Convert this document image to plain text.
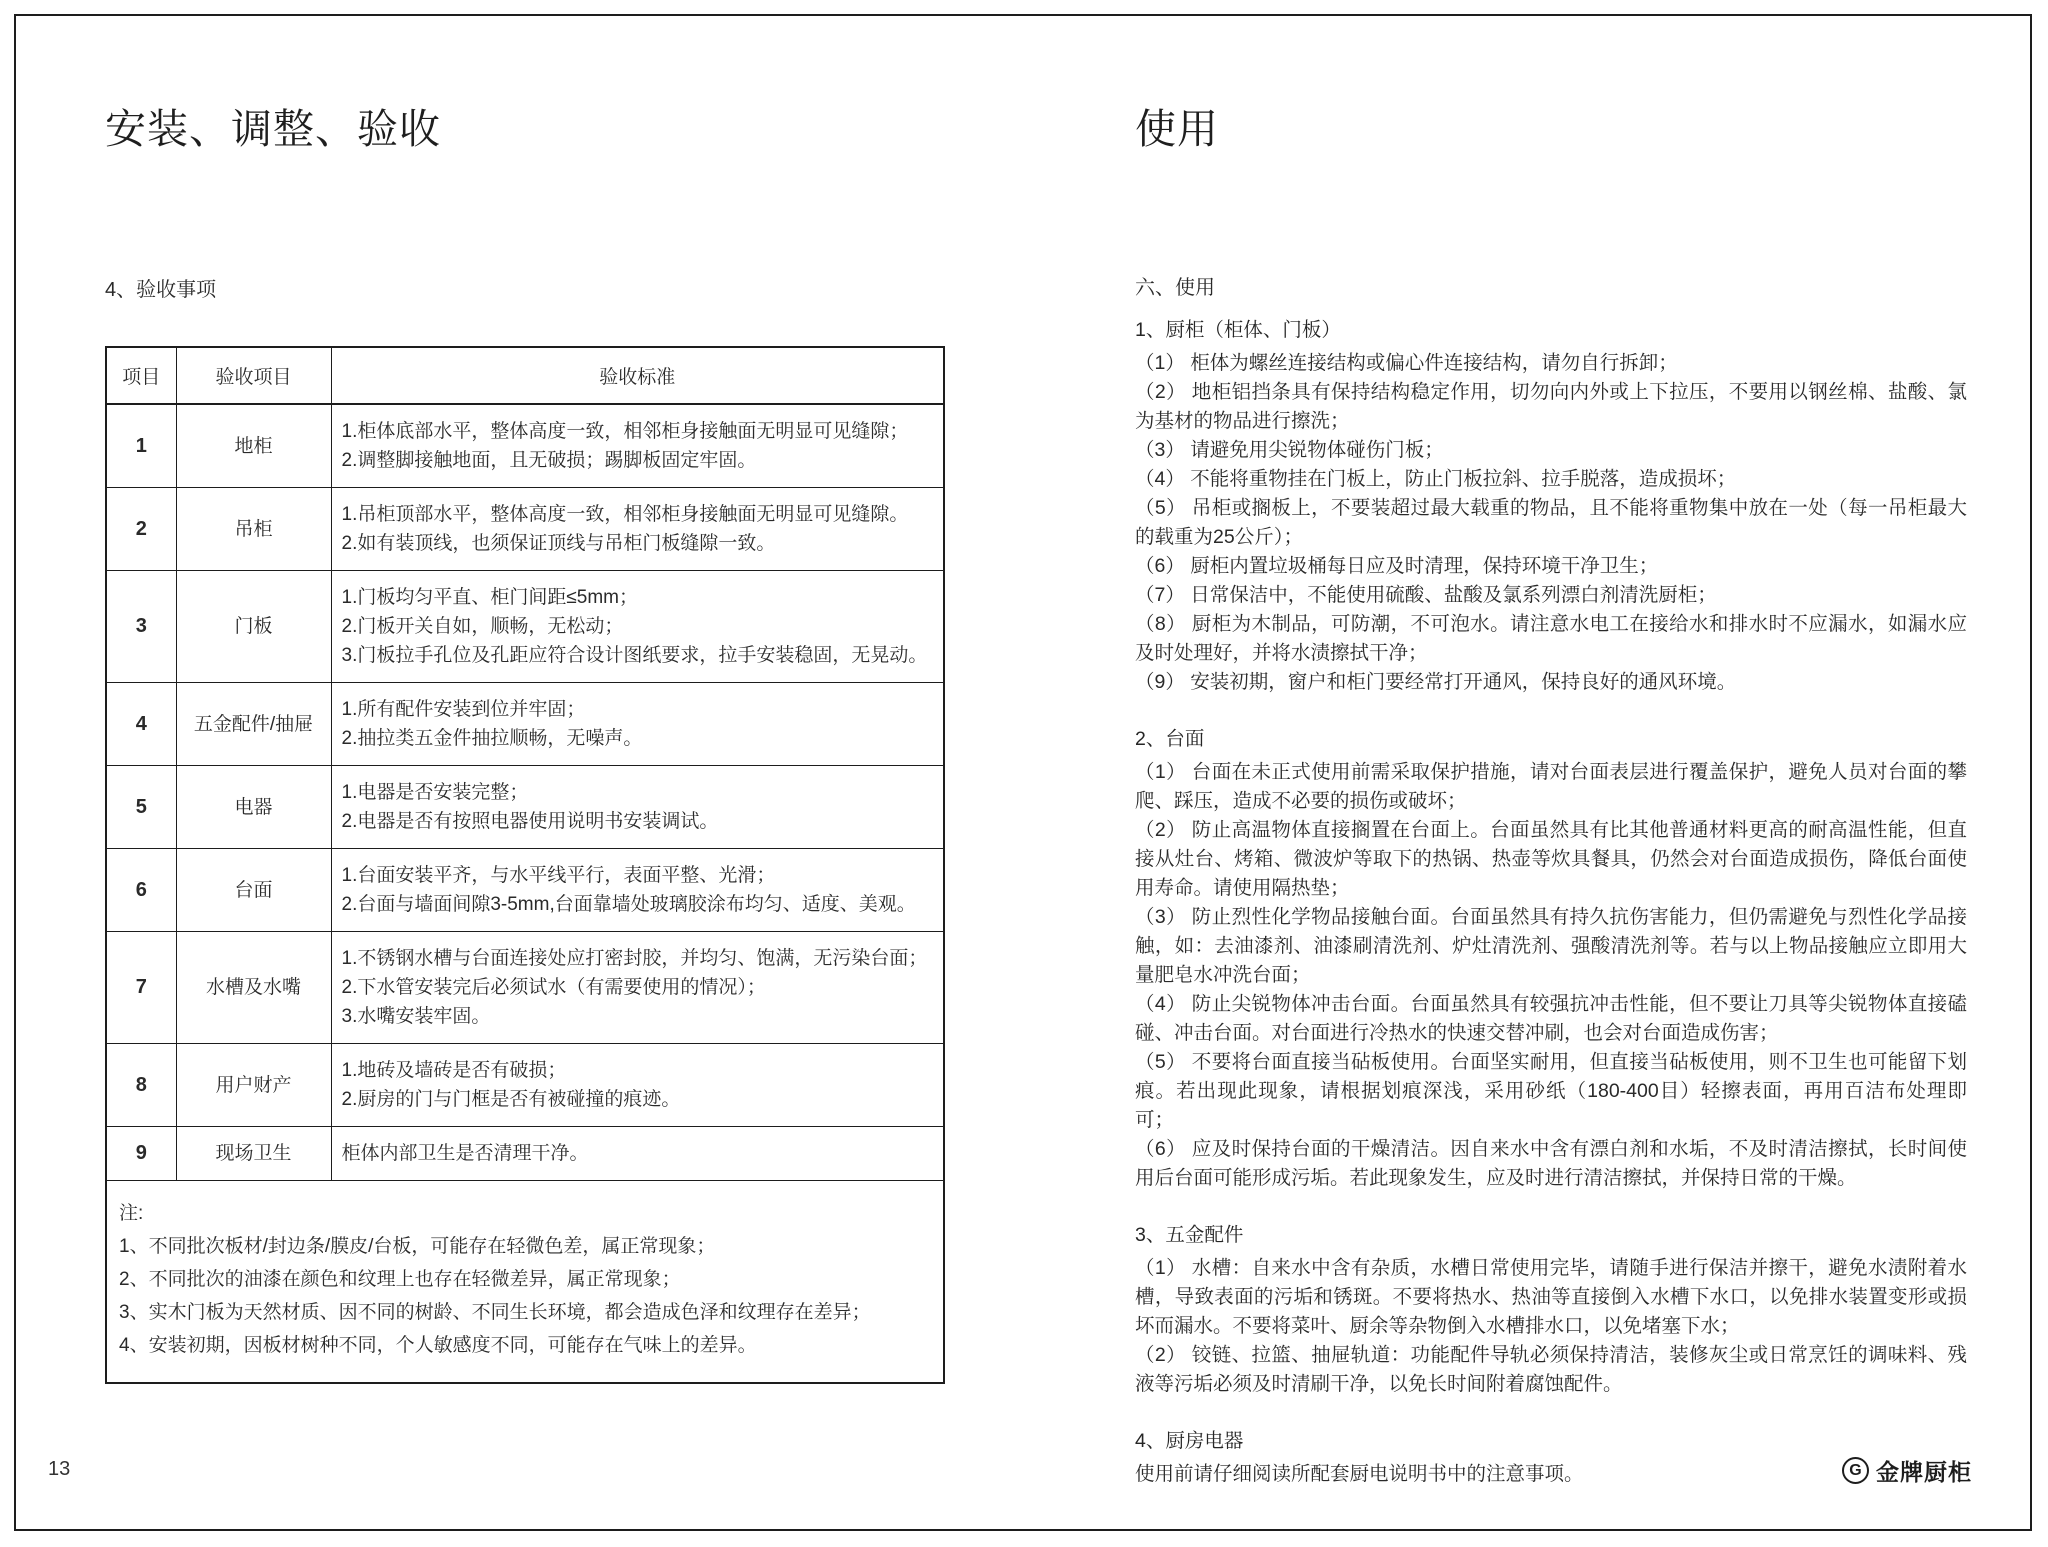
安装、调整、验收
4、验收事项
项目	验收项目	验收标准
1	地柜	1.柜体底部水平，整体高度一致，相邻柜身接触面无明显可见缝隙；
2.调整脚接触地面，且无破损；踢脚板固定牢固。

2	吊柜	1.吊柜顶部水平，整体高度一致，相邻柜身接触面无明显可见缝隙。
2.如有装顶线，也须保证顶线与吊柜门板缝隙一致。

3	门板	1.门板均匀平直、柜门间距≤5mm；
2.门板开关自如，顺畅，无松动；
3.门板拉手孔位及孔距应符合设计图纸要求，拉手安装稳固，无晃动。

4	五金配件/抽屉	1.所有配件安装到位并牢固；
2.抽拉类五金件抽拉顺畅，无噪声。

5	电器	1.电器是否安装完整；
2.电器是否有按照电器使用说明书安装调试。

6	台面	1.台面安装平齐，与水平线平行，表面平整、光滑；
2.台面与墙面间隙3-5mm,台面靠墙处玻璃胶涂布均匀、适度、美观。

7	水槽及水嘴	1.不锈钢水槽与台面连接处应打密封胶，并均匀、饱满，无污染台面；
2.下水管安装完后必须试水（有需要使用的情况）；
3.水嘴安装牢固。

8	用户财产	1.地砖及墙砖是否有破损；
2.厨房的门与门框是否有被碰撞的痕迹。

9	现场卫生	柜体内部卫生是否清理干净。

注:
1、不同批次板材/封边条/膜皮/台板，可能存在轻微色差，属正常现象；
2、不同批次的油漆在颜色和纹理上也存在轻微差异，属正常现象；
3、实木门板为天然材质、因不同的树龄、不同生长环境，都会造成色泽和纹理存在差异；
4、安装初期，因板材树种不同，个人敏感度不同，可能存在气味上的差异。		
使用
六、使用
1、厨柜（柜体、门板）

（1） 柜体为螺丝连接结构或偏心件连接结构，请勿自行拆卸；

（2） 地柜铝挡条具有保持结构稳定作用，切勿向内外或上下拉压，不要用以钢丝棉、盐酸、氯为基材的物品进行擦洗；

（3） 请避免用尖锐物体碰伤门板；

（4） 不能将重物挂在门板上，防止门板拉斜、拉手脱落，造成损坏；

（5） 吊柜或搁板上，不要装超过最大载重的物品，且不能将重物集中放在一处（每一吊柜最大的载重为25公斤）；

（6） 厨柜内置垃圾桶每日应及时清理，保持环境干净卫生；

（7） 日常保洁中，不能使用硫酸、盐酸及氯系列漂白剂清洗厨柜；

（8） 厨柜为木制品，可防潮，不可泡水。请注意水电工在接给水和排水时不应漏水，如漏水应及时处理好，并将水渍擦拭干净；

（9） 安装初期，窗户和柜门要经常打开通风，保持良好的通风环境。

2、台面

（1） 台面在未正式使用前需采取保护措施，请对台面表层进行覆盖保护，避免人员对台面的攀爬、踩压，造成不必要的损伤或破坏；

（2） 防止高温物体直接搁置在台面上。台面虽然具有比其他普通材料更高的耐高温性能，但直接从灶台、烤箱、微波炉等取下的热锅、热壶等炊具餐具，仍然会对台面造成损伤，降低台面使用寿命。请使用隔热垫；

（3） 防止烈性化学物品接触台面。台面虽然具有持久抗伤害能力，但仍需避免与烈性化学品接触，如：去油漆剂、油漆刷清洗剂、炉灶清洗剂、强酸清洗剂等。若与以上物品接触应立即用大量肥皂水冲洗台面；

（4） 防止尖锐物体冲击台面。台面虽然具有较强抗冲击性能，但不要让刀具等尖锐物体直接磕碰、冲击台面。对台面进行冷热水的快速交替冲刷，也会对台面造成伤害；

（5） 不要将台面直接当砧板使用。台面坚实耐用，但直接当砧板使用，则不卫生也可能留下划痕。若出现此现象，请根据划痕深浅，采用砂纸（180-400目）轻擦表面，再用百洁布处理即可；

（6） 应及时保持台面的干燥清洁。因自来水中含有漂白剂和水垢，不及时清洁擦拭，长时间使用后台面可能形成污垢。若此现象发生，应及时进行清洁擦拭，并保持日常的干燥。

3、五金配件

（1） 水槽：自来水中含有杂质，水槽日常使用完毕，请随手进行保洁并擦干，避免水渍附着水槽，导致表面的污垢和锈斑。不要将热水、热油等直接倒入水槽下水口，以免排水装置变形或损坏而漏水。不要将菜叶、厨余等杂物倒入水槽排水口，以免堵塞下水；

（2） 铰链、拉篮、抽屉轨道：功能配件导轨必须保持清洁，装修灰尘或日常烹饪的调味料、残液等污垢必须及时清刷干净，以免长时间附着腐蚀配件。

4、厨房电器

使用前请仔细阅读所配套厨电说明书中的注意事项。

13	G 金牌厨柜
